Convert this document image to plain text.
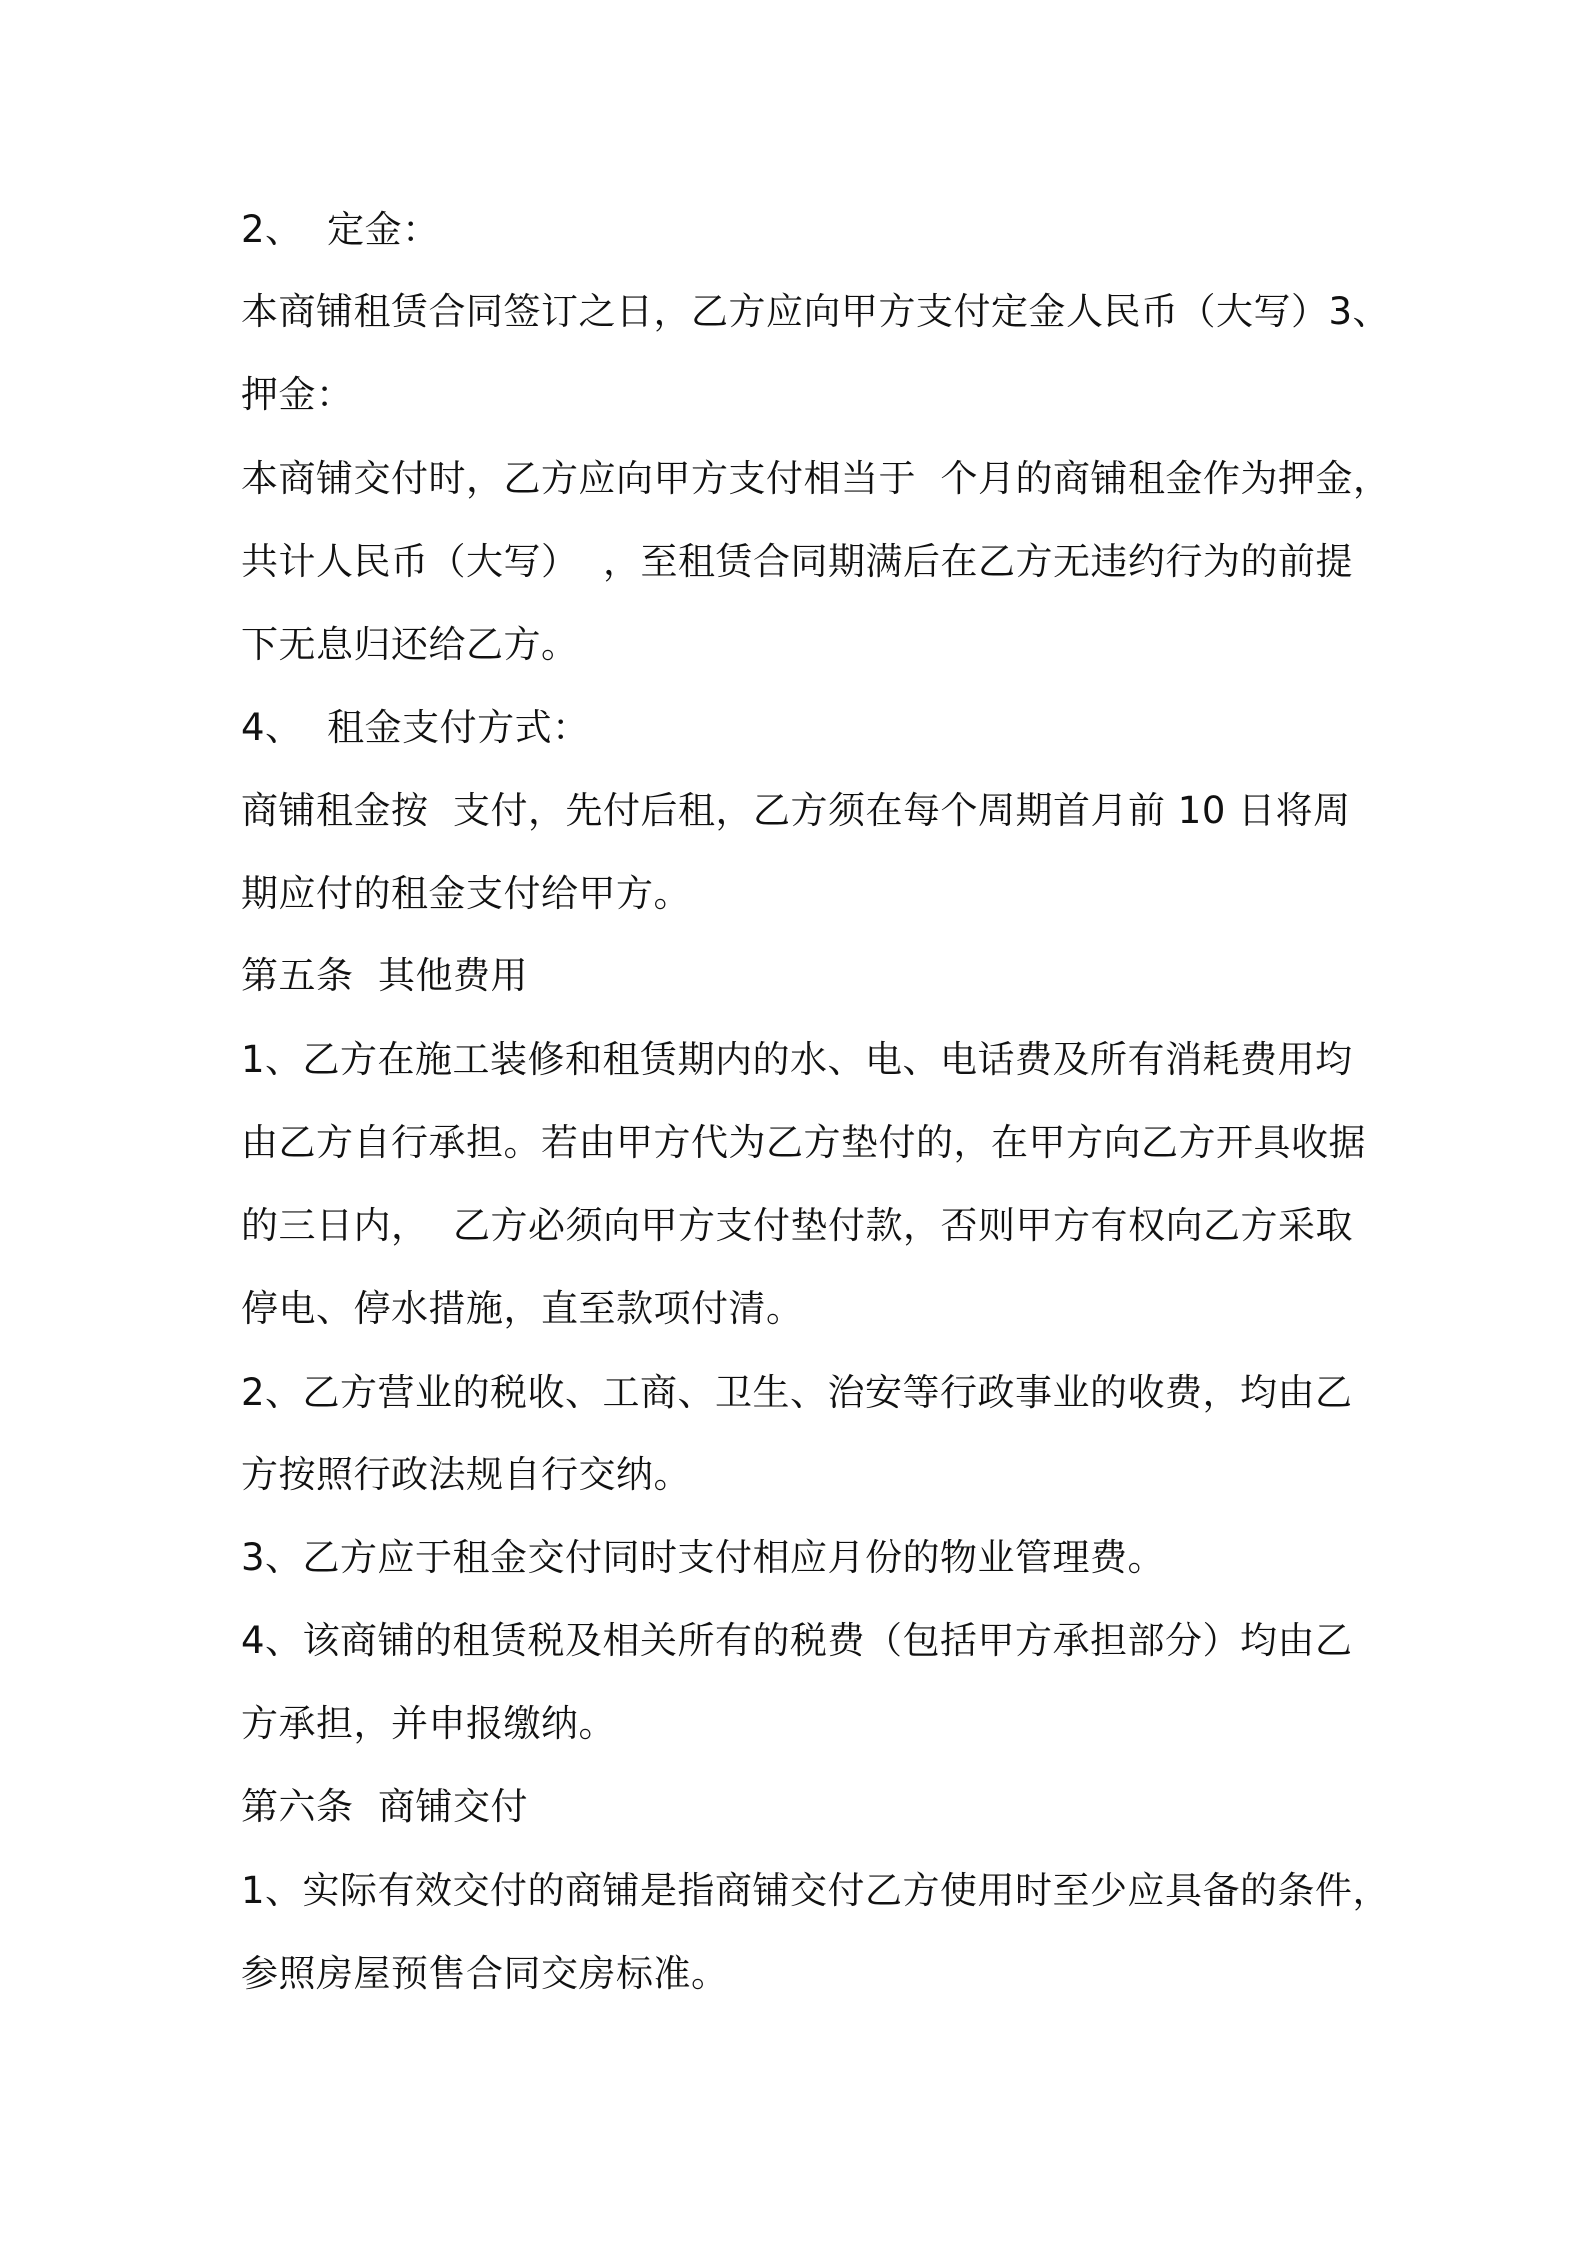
2、  定金：
本商铺租赁合同签订之日，乙方应向甲方支付定金人民币（大写）3、
押金：
本商铺交付时，乙方应向甲方支付相当于  个月的商铺租金作为押金，
共计人民币（大写）  ，至租赁合同期满后在乙方无违约行为的前提
下无息归还给乙方。
4、  租金支付方式：
商铺租金按  支付，先付后租，乙方须在每个周期首月前 10 日将周
期应付的租金支付给甲方。
第五条  其他费用
1、乙方在施工装修和租赁期内的水、电、电话费及所有消耗费用均
由乙方自行承担。若由甲方代为乙方垫付的，在甲方向乙方开具收据
的三日内，  乙方必须向甲方支付垫付款，否则甲方有权向乙方采取
停电、停水措施，直至款项付清。
2、乙方营业的税收、工商、卫生、治安等行政事业的收费，均由乙
方按照行政法规自行交纳。
3、乙方应于租金交付同时支付相应月份的物业管理费。
4、该商铺的租赁税及相关所有的税费（包括甲方承担部分）均由乙
方承担，并申报缴纳。
第六条  商铺交付
1、实际有效交付的商铺是指商铺交付乙方使用时至少应具备的条件，
参照房屋预售合同交房标准。
